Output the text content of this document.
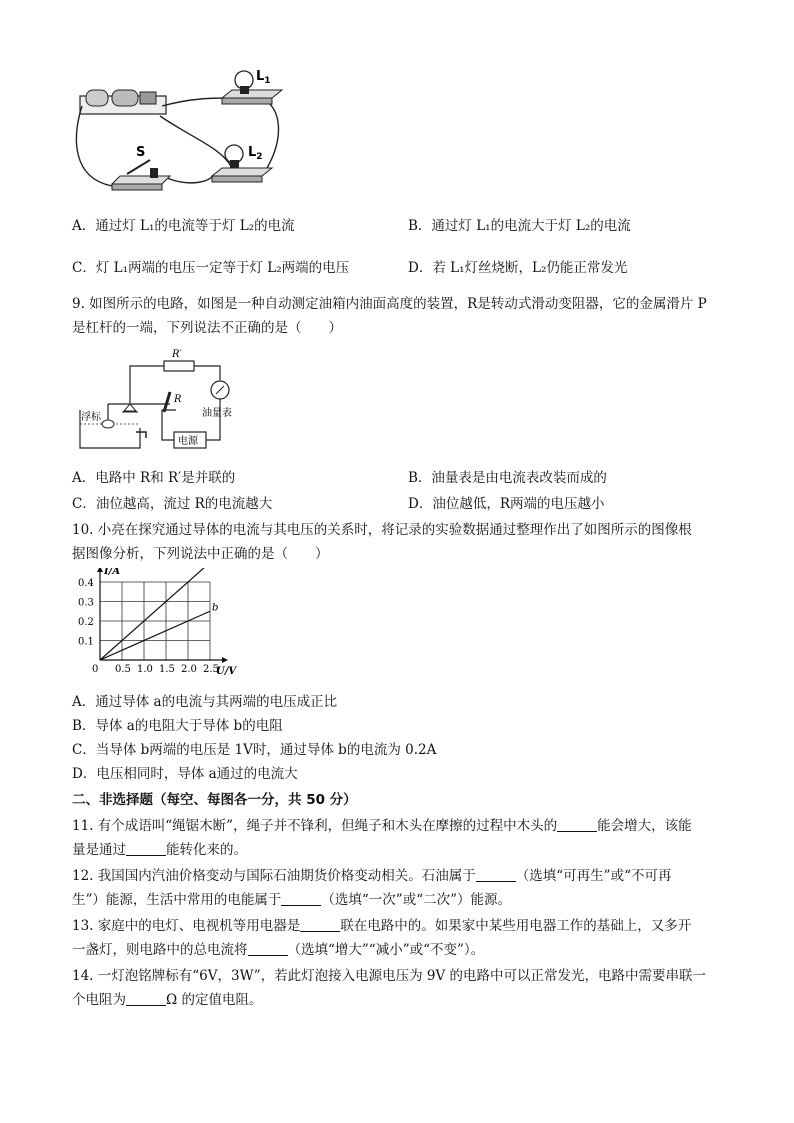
$L_1$
$L_2$
S
A．通过灯 L₁的电流等于灯 L₂的电流	B．通过灯 L₁的电流大于灯 L₂的电流
C．灯 L₁两端的电压一定等于灯 L₂两端的电压	D．若 L₁灯丝烧断，L₂仍能正常发光
9. 如图所示的电路，如图是一种自动测定油箱内油面高度的装置，R是转动式滑动变阻器，它的金属滑片 P
是杠杆的一端，下列说法不正确的是（　　）
R′
油量表
电源
R
浮标
A．电路中 R和 R′是并联的	B．油量表是由电流表改装而成的
C．油位越高，流过 R的电流越大	D．油位越低，R两端的电压越小
10. 小亮在探究通过导体的电流与其电压的关系时，将记录的实验数据通过整理作出了如图所示的图像根
据图像分析，下列说法中正确的是（　　）
0 0.5 1.0 1.5 2.0 2.5
0.1
0.2
0.3
0.4
U/V
I/A
b
A．通过导体 a的电流与其两端的电压成正比
B．导体 a的电阻大于导体 b的电阻
C．当导体 b两端的电压是 1V时，通过导体 b的电流为 0.2A
D．电压相同时，导体 a通过的电流大
二、非选择题（每空、每图各一分，共 50 分）
11. 有个成语叫“绳锯木断”，绳子并不锋利，但绳子和木头在摩擦的过程中木头的	能会增大，该能
量是通过	能转化来的。
12. 我国国内汽油价格变动与国际石油期货价格变动相关。石油属于	（选填“可再生”或“不可再
生”）能源，生活中常用的电能属于	（选填“一次”或“二次”）能源。
13. 家庭中的电灯、电视机等用电器是	联在电路中的。如果家中某些用电器工作的基础上，又多开
一盏灯，则电路中的总电流将	（选填“增大”“减小”或“不变”）。
14. 一灯泡铭牌标有“6V，3W”，若此灯泡接入电源电压为 9V 的电路中可以正常发光，电路中需要串联一
个电阻为	Ω 的定值电阻。
